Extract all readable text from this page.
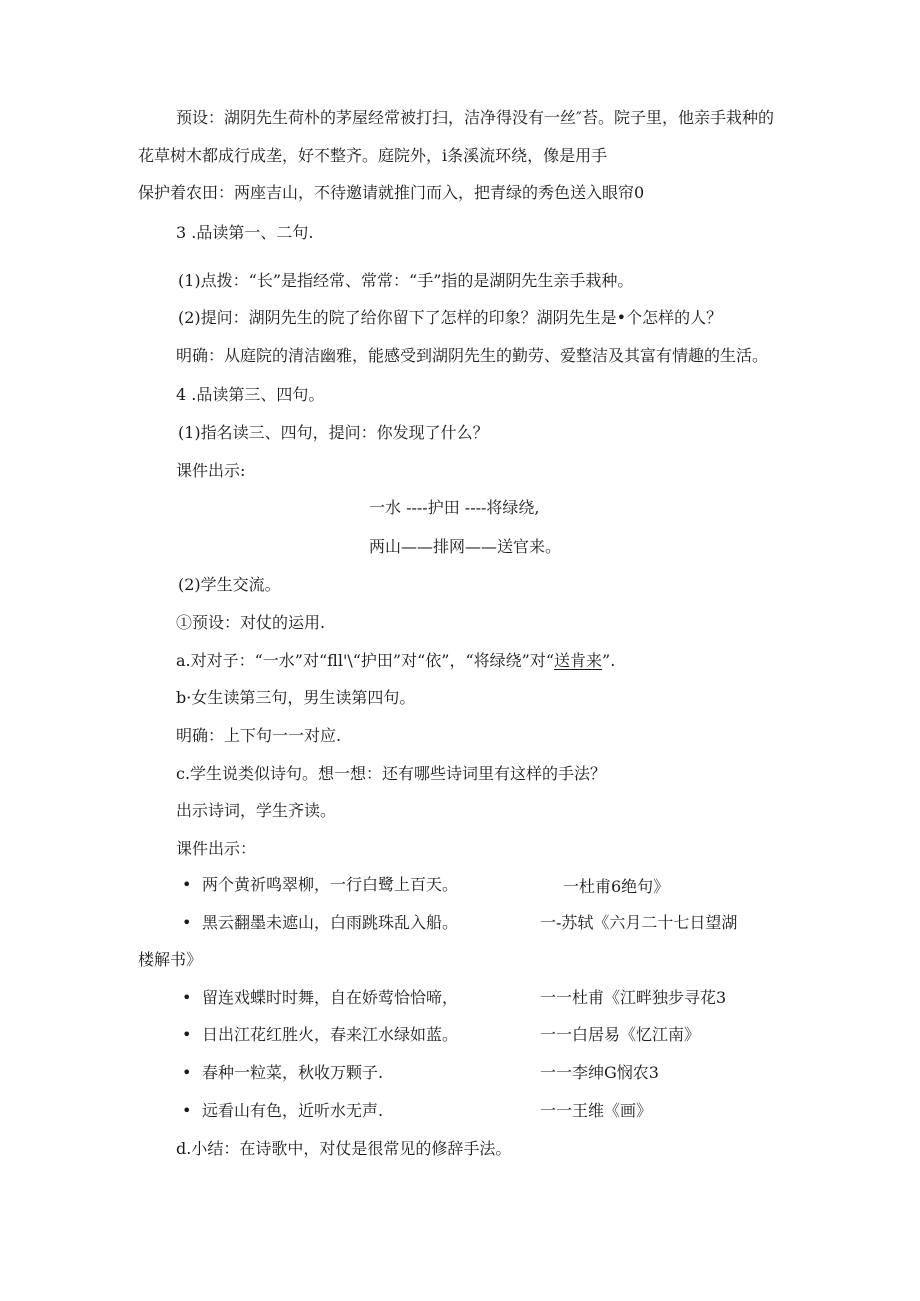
预设：湖阴先生荷朴的茅屋经常被打扫，洁净得没有一丝″苔。院子里，他亲手栽种的
花草树木都成行成垄，好不整齐。庭院外，i条溪流环绕，像是用手
保护着农田：两座吉山，不待邀请就推门而入，把青绿的秀色送入眼帘0
3 .品读第一、二句.
(1)点拨：“长”是指经常、常常：“手”指的是湖阴先生亲手栽种。
(2)提问：湖阴先生的院了给你留下了怎样的印象？湖阴先生是•个怎样的人？
明确：从庭院的清洁幽雅，能感受到湖阴先生的勤劳、爱整洁及其富有情趣的生活。
4 .品读第三、四句。
(1)指名读三、四句，提问：你发现了什么？
课件出示:
一水 ----护田 ----将绿绕,
两山——排网——送官来。
(2)学生交流。
①预设：对仗的运用.
a.对对子：“一水”对“fll'\“护田”对“依”，“将绿绕”对“送肯来”.
b·女生读第三句，男生读第四句。
明确：上下句一一对应.
c.学生说类似诗句。想一想：还有哪些诗词里有这样的手法？
出示诗词，学生齐读。
课件出示：
• 两个黄祈鸣翠柳，一行白鹭上百天。	一杜甫6绝句》
• 黑云翻墨未遮山，白雨跳珠乱入船。	一-苏轼《六月二十七日望湖
楼解书》
• 留连戏蝶时时舞，自在娇莺恰恰啼，	一一杜甫《江畔独步寻花3
• 日出江花红胜火，春来江水绿如蓝。	一一白居易《忆江南》
• 春种一粒菜，秋收万颗子.	一一李绅G悯农3
• 远看山有色，近听水无声.	一一王维《画》
d.小结：在诗歌中，对仗是很常见的修辞手法。
